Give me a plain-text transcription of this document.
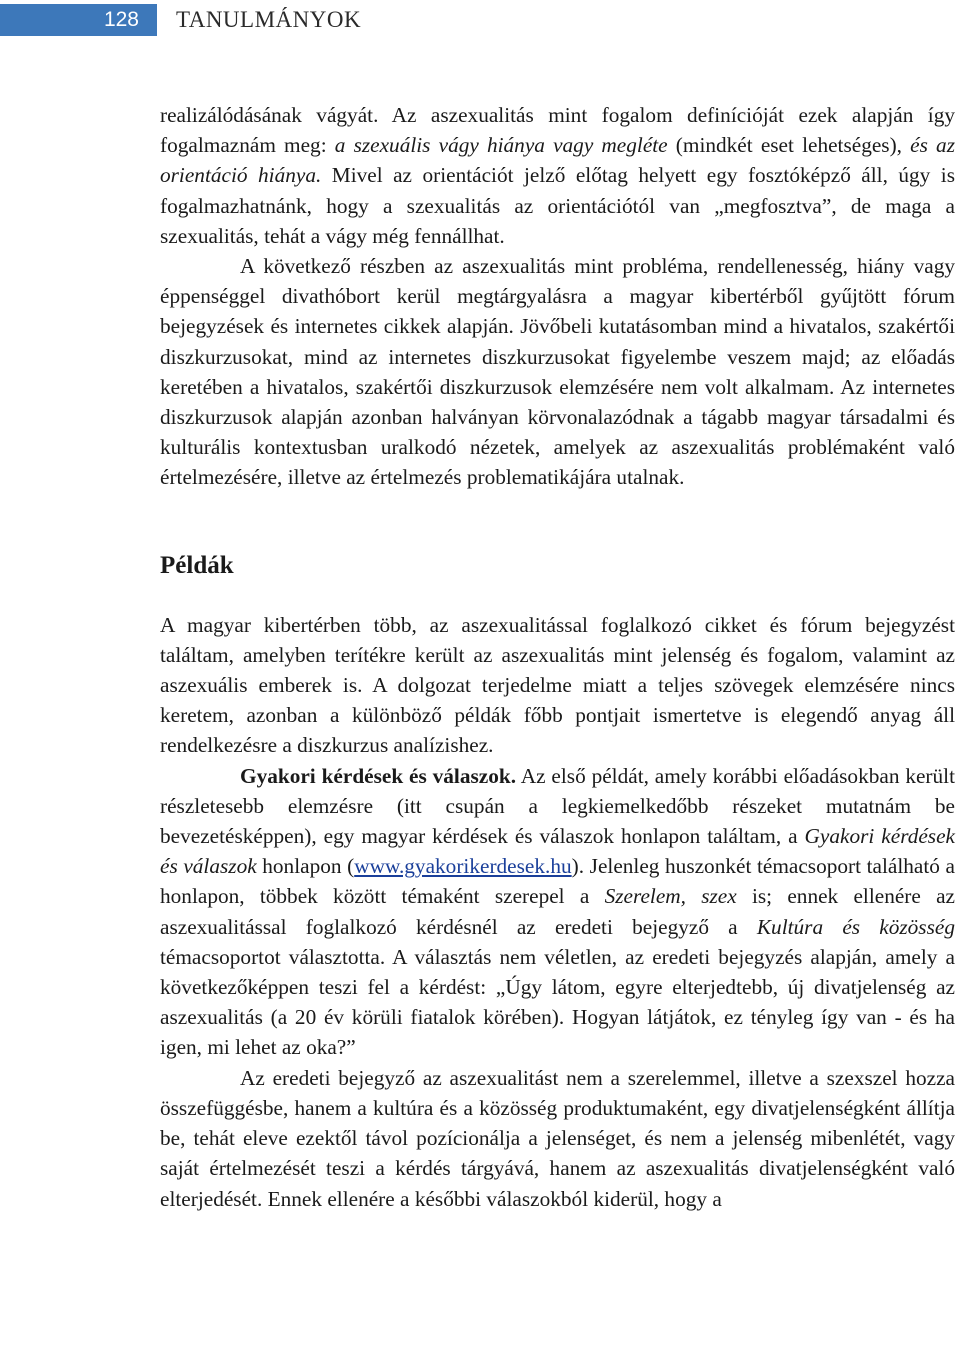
128	TANULMÁNYOK

realizálódásának vágyát. Az aszexualitás mint fogalom definícióját ezek alapján így fogalmaznám meg: a szexuális vágy hiánya vagy megléte (mindkét eset lehetséges), és az orientáció hiánya. Mivel az orientációt jelző előtag helyett egy fosztóképző áll, úgy is fogalmazhatnánk, hogy a szexualitás az orientációtól van „megfosztva”, de maga a szexualitás, tehát a vágy még fennállhat.

A következő részben az aszexualitás mint probléma, rendellenesség, hiány vagy éppenséggel divathóbort kerül megtárgyalásra a magyar kibertérből gyűjtött fórum bejegyzések és internetes cikkek alapján. Jövőbeli kutatásomban mind a hivatalos, szakértői diszkurzusokat, mind az internetes diszkurzusokat figyelembe veszem majd; az előadás keretében a hivatalos, szakértői diszkurzusok elemzésére nem volt alkalmam. Az internetes diszkurzusok alapján azonban halványan körvonalazódnak a tágabb magyar társadalmi és kulturális kontextusban uralkodó nézetek, amelyek az aszexualitás problémaként való értelmezésére, illetve az értelmezés problematikájára utalnak.

Példák

A magyar kibertérben több, az aszexualitással foglalkozó cikket és fórum bejegyzést találtam, amelyben terítékre került az aszexualitás mint jelenség és fogalom, valamint az aszexuális emberek is. A dolgozat terjedelme miatt a teljes szövegek elemzésére nincs keretem, azonban a különböző példák főbb pontjait ismertetve is elegendő anyag áll rendelkezésre a diszkurzus analízishez.

Gyakori kérdések és válaszok. Az első példát, amely korábbi előadásokban került részletesebb elemzésre (itt csupán a legkiemelkedőbb részeket mutatnám be bevezetésképpen), egy magyar kérdések és válaszok honlapon találtam, a Gyakori kérdések és válaszok honlapon (www.gyakorikerdesek.hu). Jelenleg huszonkét témacsoport található a honlapon, többek között témaként szerepel a Szerelem, szex is; ennek ellenére az aszexualitással foglalkozó kérdésnél az eredeti bejegyző a Kultúra és közösség témacsoportot választotta. A választás nem véletlen, az eredeti bejegyzés alapján, amely a következőképpen teszi fel a kérdést: „Úgy látom, egyre elterjedtebb, új divatjelenség az aszexualitás (a 20 év körüli fiatalok körében). Hogyan látjátok, ez tényleg így van - és ha igen, mi lehet az oka?”

Az eredeti bejegyző az aszexualitást nem a szerelemmel, illetve a szexszel hozza összefüggésbe, hanem a kultúra és a közösség produktumaként, egy divatjelenségként állítja be, tehát eleve ezektől távol pozícionálja a jelenséget, és nem a jelenség mibenlétét, vagy saját értelmezését teszi a kérdés tárgyává, hanem az aszexualitás divatjelenségként való elterjedését. Ennek ellenére a későbbi válaszokból kiderül, hogy a
